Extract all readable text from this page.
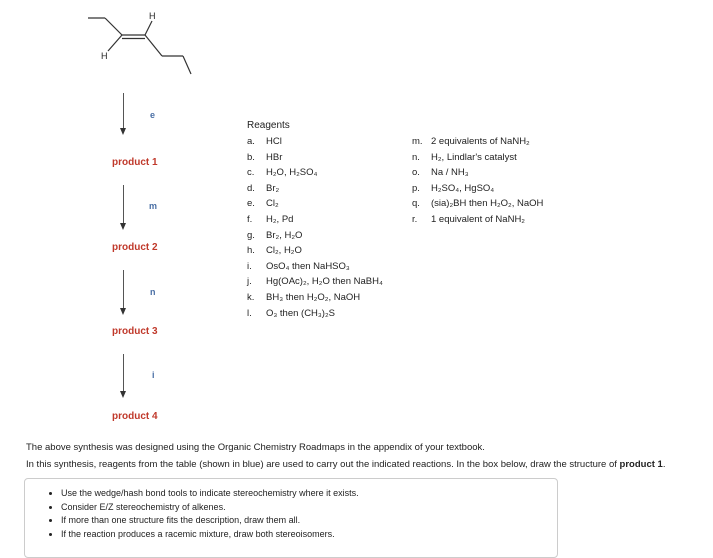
H
H
e
product 1
m
product 2
n
product 3
i
product 4
Reagents
a.	HCl
b.	HBr
c.	H₂O, H₂SO₄
d.	Br₂
e.	Cl₂
f.	H₂, Pd
g.	Br₂, H₂O
h.	Cl₂, H₂O
i.	OsO₄ then NaHSO₃
j.	Hg(OAc)₂, H₂O then NaBH₄
k.	BH₃ then H₂O₂, NaOH
l.	O₃ then (CH₃)₂S
m. 2 equivalents of NaNH₂
n.	H₂, Lindlar's catalyst
o.	Na / NH₃
p.	H₂SO₄, HgSO₄
q.	(sia)₂BH then H₂O₂, NaOH
r.	1 equivalent of NaNH₂
The above synthesis was designed using the Organic Chemistry Roadmaps in the appendix of your textbook.
In this synthesis, reagents from the table (shown in blue) are used to carry out the indicated reactions. In the box below, draw the structure of product 1.
• Use the wedge/hash bond tools to indicate stereochemistry where it exists.
• Consider E/Z stereochemistry of alkenes.
• If more than one structure fits the description, draw them all.
• If the reaction produces a racemic mixture, draw both stereoisomers.
